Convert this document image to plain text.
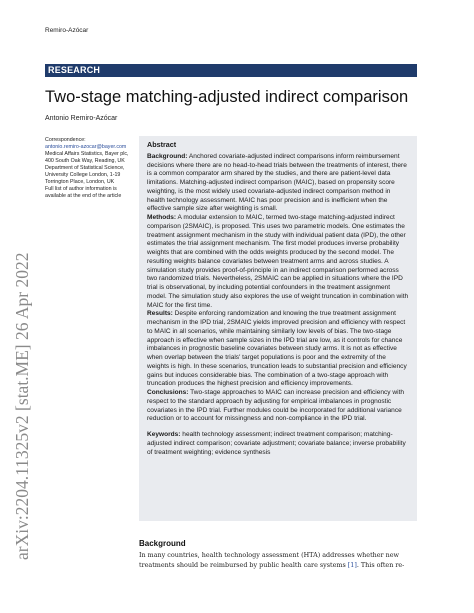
Remiro-Azócar
RESEARCH
Two-stage matching-adjusted indirect comparison
Antonio Remiro-Azócar
arXiv:2204.11325v2 [stat.ME] 26 Apr 2022

Correspondence:

antonio.remiro-azocar@bayer.com

Medical Affairs Statistics, Bayer plc, 400 South Oak Way, Reading, UK

Department of Statistical Science, University College London, 1-19 Torrington Place, London, UK

Full list of author information is available at the end of the article

Abstract

Background: Anchored covariate-adjusted indirect comparisons inform reimbursement decisions where there are no head-to-head trials between the treatments of interest, there is a common comparator arm shared by the studies, and there are patient-level data limitations. Matching-adjusted indirect comparison (MAIC), based on propensity score weighting, is the most widely used covariate-adjusted indirect comparison method in health technology assessment. MAIC has poor precision and is inefficient when the effective sample size after weighting is small.

Methods: A modular extension to MAIC, termed two-stage matching-adjusted indirect comparison (2SMAIC), is proposed. This uses two parametric models. One estimates the treatment assignment mechanism in the study with individual patient data (IPD), the other estimates the trial assignment mechanism. The first model produces inverse probability weights that are combined with the odds weights produced by the second model. The resulting weights balance covariates between treatment arms and across studies. A simulation study provides proof-of-principle in an indirect comparison performed across two randomized trials. Nevertheless, 2SMAIC can be applied in situations where the IPD trial is observational, by including potential confounders in the treatment assignment model. The simulation study also explores the use of weight truncation in combination with MAIC for the first time.

Results: Despite enforcing randomization and knowing the true treatment assignment mechanism in the IPD trial, 2SMAIC yields improved precision and efficiency with respect to MAIC in all scenarios, while maintaining similarly low levels of bias. The two-stage approach is effective when sample sizes in the IPD trial are low, as it controls for chance imbalances in prognostic baseline covariates between study arms. It is not as effective when overlap between the trials' target populations is poor and the extremity of the weights is high. In these scenarios, truncation leads to substantial precision and efficiency gains but induces considerable bias. The combination of a two-stage approach with truncation produces the highest precision and efficiency improvements.

Conclusions: Two-stage approaches to MAIC can increase precision and efficiency with respect to the standard approach by adjusting for empirical imbalances in prognostic covariates in the IPD trial. Further modules could be incorporated for additional variance reduction or to account for missingness and non-compliance in the IPD trial.

Keywords: health technology assessment; indirect treatment comparison; matching-adjusted indirect comparison; covariate adjustment; covariate balance; inverse probability of treatment weighting; evidence synthesis

Background
In many countries, health technology assessment (HTA) addresses whether new treatments should be reimbursed by public health care systems [1]. This often re-
